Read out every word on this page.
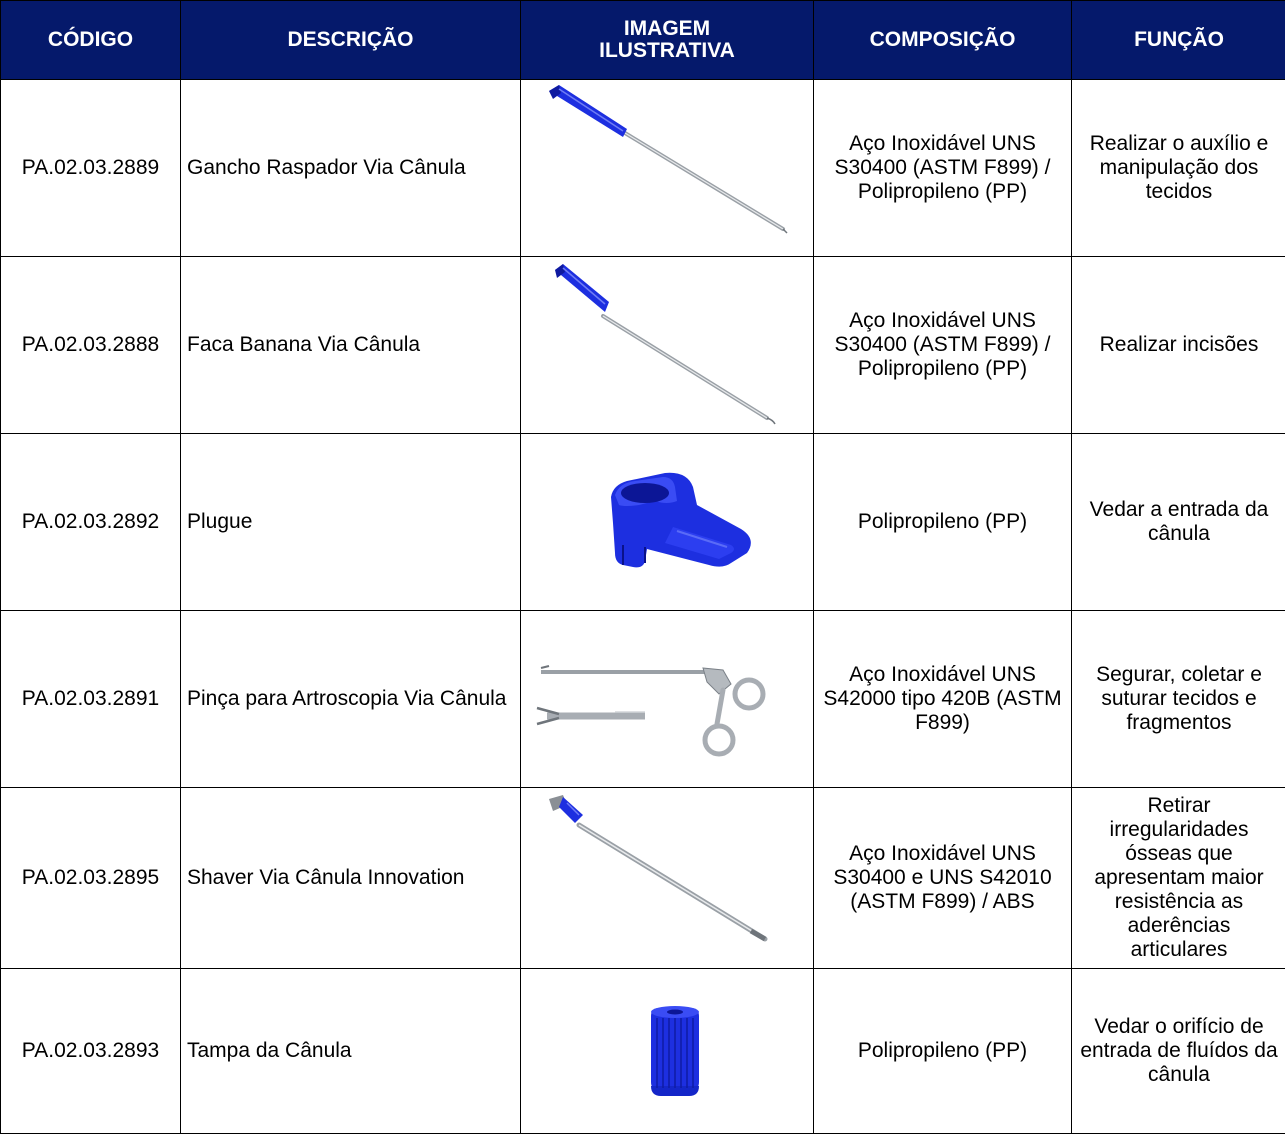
CÓDIGO	DESCRIÇÃO	IMAGEM ILUSTRATIVA	COMPOSIÇÃO	FUNÇÃO
PA.02.03.2889	Gancho Raspador Via Cânula		Aço Inoxidável UNS S30400 (ASTM F899) / Polipropileno (PP)	Realizar o auxílio e manipulação dos tecidos
PA.02.03.2888	Faca Banana Via Cânula		Aço Inoxidável UNS S30400 (ASTM F899) / Polipropileno (PP)	Realizar incisões
PA.02.03.2892	Plugue		Polipropileno (PP)	Vedar a entrada da cânula
PA.02.03.2891	Pinça para Artroscopia Via Cânula		Aço Inoxidável UNS S42000 tipo 420B (ASTM F899)	Segurar, coletar e suturar tecidos e fragmentos
PA.02.03.2895	Shaver Via Cânula Innovation		Aço Inoxidável UNS S30400 e UNS S42010 (ASTM F899) / ABS	Retirar irregularidades ósseas que apresentam maior resistência as aderências articulares
PA.02.03.2893	Tampa da Cânula		Polipropileno (PP)	Vedar o orifício de entrada de fluídos da cânula
